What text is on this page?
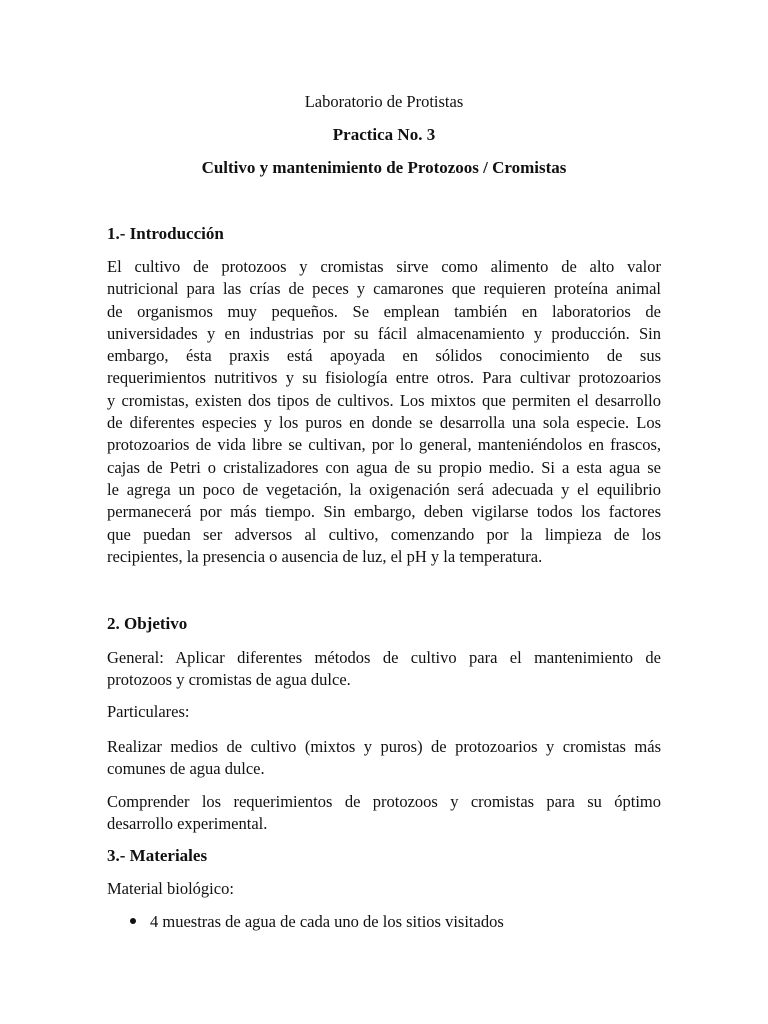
Laboratorio de Protistas
Practica No. 3
Cultivo y mantenimiento de Protozoos / Cromistas
1.- Introducción
El cultivo de protozoos y cromistas sirve como alimento de alto valor
nutricional para las crías de peces y camarones que requieren proteína animal
de organismos muy pequeños. Se emplean también en laboratorios de
universidades y en industrias por su fácil almacenamiento y producción. Sin
embargo, ésta praxis está apoyada en sólidos conocimiento de sus
requerimientos nutritivos y su fisiología entre otros. Para cultivar protozoarios
y cromistas, existen dos tipos de cultivos. Los mixtos que permiten el desarrollo
de diferentes especies y los puros en donde se desarrolla una sola especie. Los
protozoarios de vida libre se cultivan, por lo general, manteniéndolos en frascos,
cajas de Petri o cristalizadores con agua de su propio medio. Si a esta agua se
le agrega un poco de vegetación, la oxigenación será adecuada y el equilibrio
permanecerá por más tiempo. Sin embargo, deben vigilarse todos los factores
que puedan ser adversos al cultivo, comenzando por la limpieza de los
recipientes, la presencia o ausencia de luz, el pH y la temperatura.
2. Objetivo
General: Aplicar diferentes métodos de cultivo para el mantenimiento de
protozoos y cromistas de agua dulce.
Particulares:
Realizar medios de cultivo (mixtos y puros) de protozoarios y cromistas más
comunes de agua dulce.
Comprender los requerimientos de protozoos y cromistas para su óptimo
desarrollo experimental.
3.- Materiales
Material biológico:
4 muestras de agua de cada uno de los sitios visitados
